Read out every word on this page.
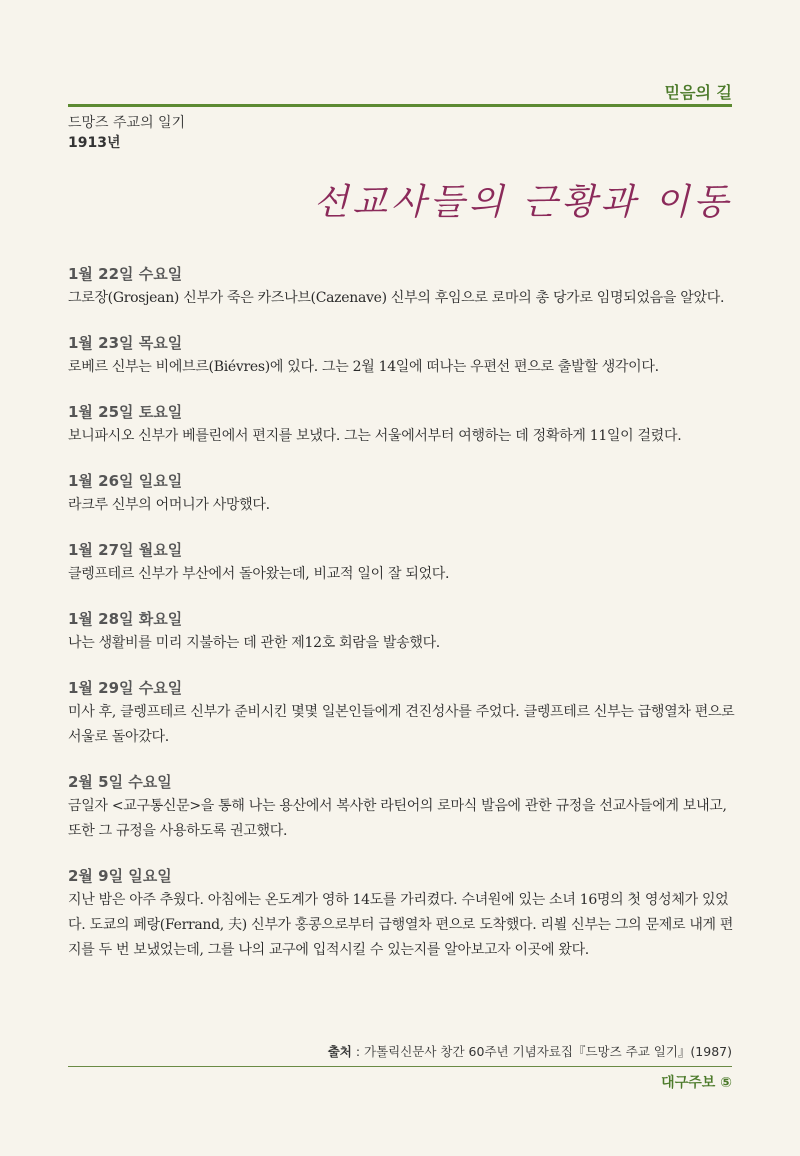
믿음의 길
드망즈 주교의 일기
1913년
선교사들의 근황과 이동
1월 22일 수요일
그로장(Grosjean) 신부가 죽은 카즈나브(Cazenave) 신부의 후임으로 로마의 총 당가로 임명되었음을 알았다.
1월 23일 목요일
로베르 신부는 비에브르(Biévres)에 있다. 그는 2월 14일에 떠나는 우편선 편으로 출발할 생각이다.
1월 25일 토요일
보니파시오 신부가 베를린에서 편지를 보냈다. 그는 서울에서부터 여행하는 데 정확하게 11일이 걸렸다.
1월 26일 일요일
라크루 신부의 어머니가 사망했다.
1월 27일 월요일
클렝프테르 신부가 부산에서 돌아왔는데, 비교적 일이 잘 되었다.
1월 28일 화요일
나는 생활비를 미리 지불하는 데 관한 제12호 회람을 발송했다.
1월 29일 수요일
미사 후, 클렝프테르 신부가 준비시킨 몇몇 일본인들에게 견진성사를 주었다. 클렝프테르 신부는 급행열차 편으로 서울로 돌아갔다.
2월 5일 수요일
금일자 <교구통신문>을 통해 나는 용산에서 복사한 라틴어의 로마식 발음에 관한 규정을 선교사들에게 보내고, 또한 그 규정을 사용하도록 권고했다.
2월 9일 일요일
지난 밤은 아주 추웠다. 아침에는 온도계가 영하 14도를 가리켰다. 수녀원에 있는 소녀 16명의 첫 영성체가 있었다. 도쿄의 페랑(Ferrand, 夫) 신부가 홍콩으로부터 급행열차 편으로 도착했다. 리뵐 신부는 그의 문제로 내게 편지를 두 번 보냈었는데, 그를 나의 교구에 입적시킬 수 있는지를 알아보고자 이곳에 왔다.
출처 : 가톨릭신문사 창간 60주년 기념자료집『드망즈 주교 일기』(1987)
대구주보 ⑤
